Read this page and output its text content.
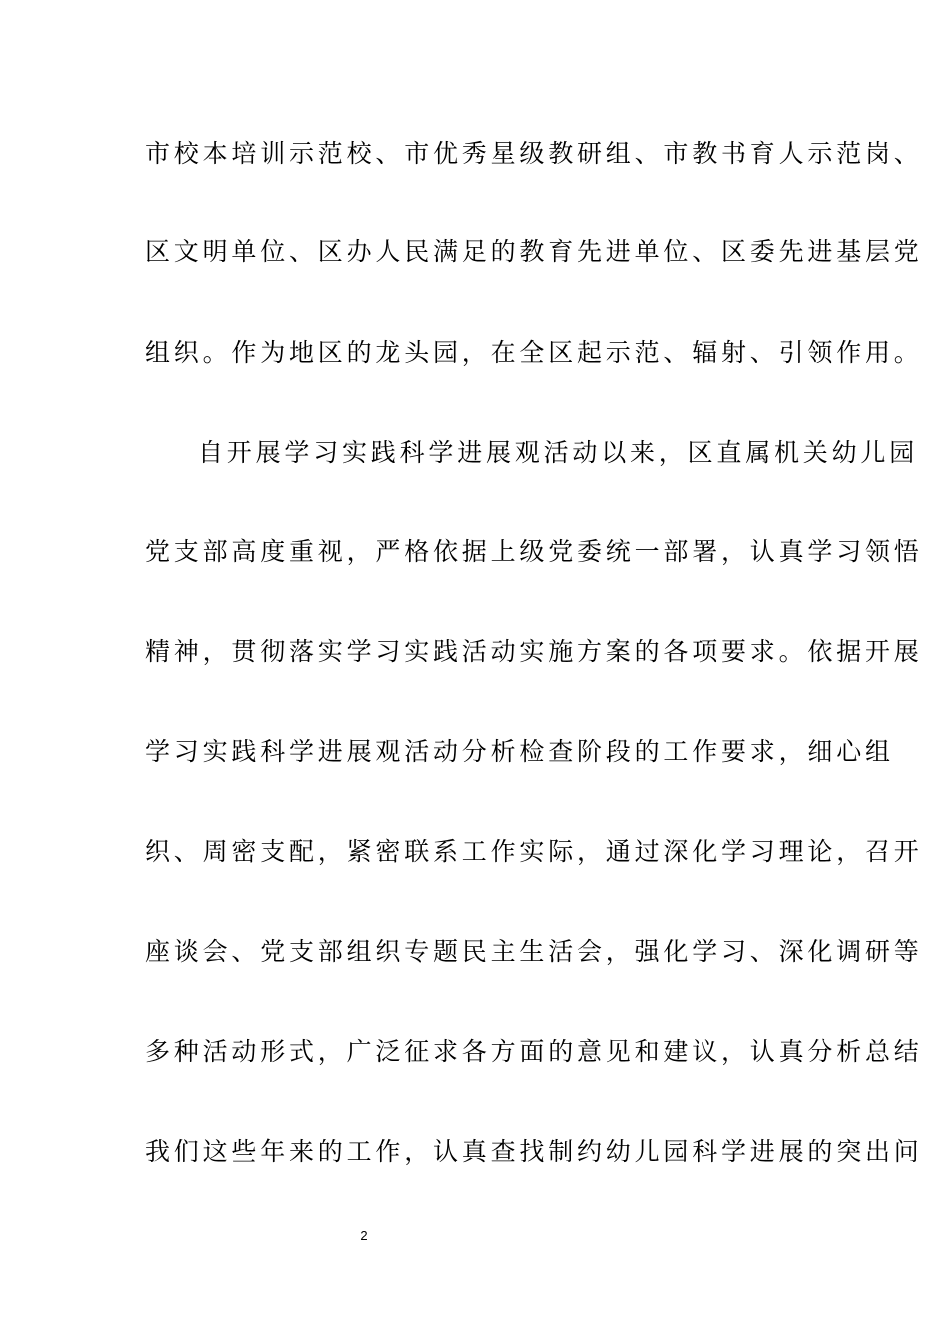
市校本培训示范校、市优秀星级教研组、市教书育人示范岗、
区文明单位、区办人民满足的教育先进单位、区委先进基层党
组织。作为地区的龙头园，在全区起示范、辐射、引领作用。
自开展学习实践科学进展观活动以来，区直属机关幼儿园
党支部高度重视，严格依据上级党委统一部署，认真学习领悟
精神，贯彻落实学习实践活动实施方案的各项要求。依据开展
学习实践科学进展观活动分析检查阶段的工作要求，细心组
织、周密支配，紧密联系工作实际，通过深化学习理论，召开
座谈会、党支部组织专题民主生活会，强化学习、深化调研等
多种活动形式，广泛征求各方面的意见和建议，认真分析总结
我们这些年来的工作，认真查找制约幼儿园科学进展的突出问
2
